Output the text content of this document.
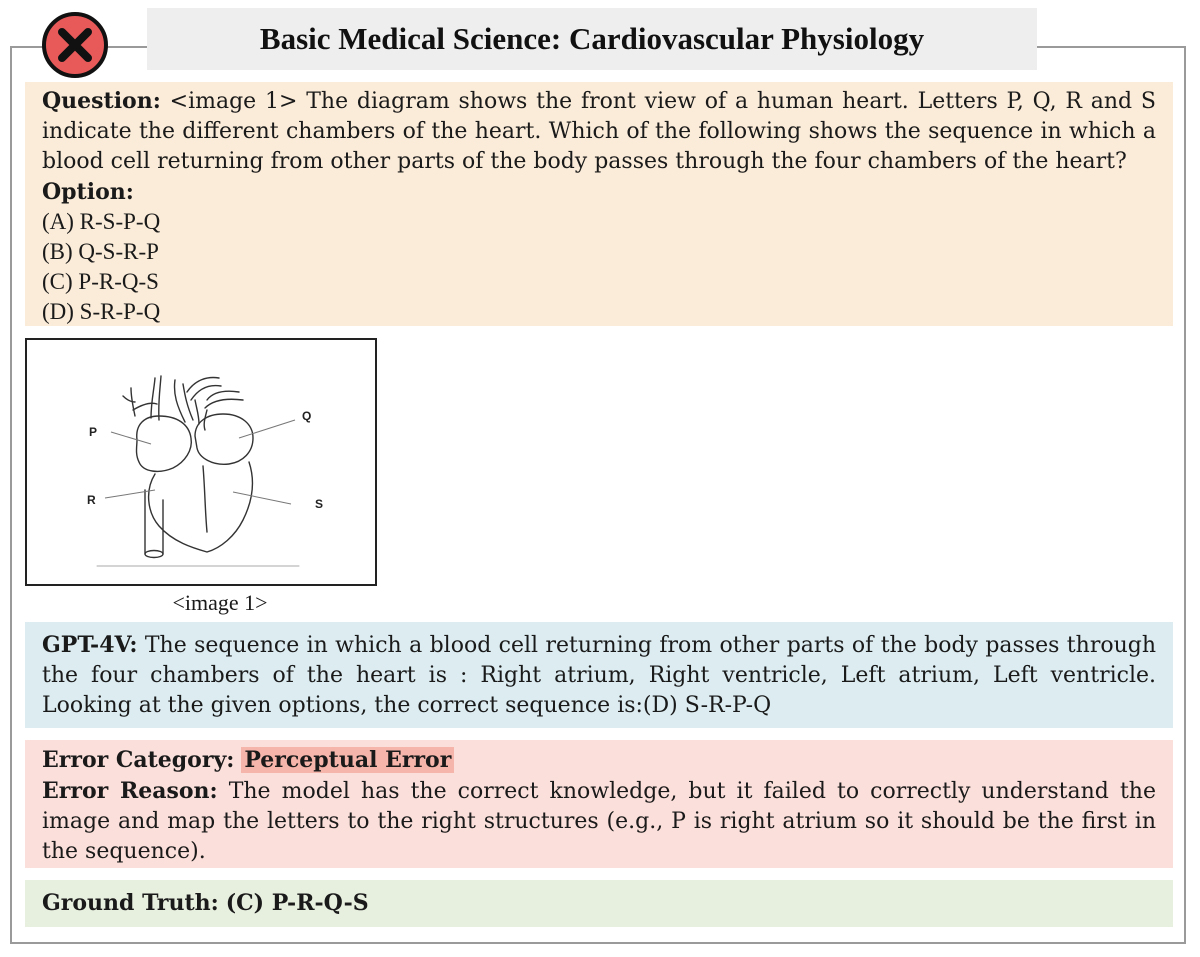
Basic Medical Science: Cardiovascular Physiology
Question: <image 1> The diagram shows the front view of a human heart. Letters P, Q, R and S indicate the different chambers of the heart. Which of the following shows the sequence in which a blood cell returning from other parts of the body passes through the four chambers of the heart?
Option:
(A) R-S-P-Q
(B) Q-S-R-P
(C) P-R-Q-S
(D) S-R-P-Q
P
Q
R	S
<image 1>
GPT-4V: The sequence in which a blood cell returning from other parts of the body passes through the four chambers of the heart is : Right atrium, Right ventricle, Left atrium, Left ventricle. Looking at the given options, the correct sequence is:(D) S-R-P-Q
Error Category: Perceptual Error
Error Reason: The model has the correct knowledge, but it failed to correctly understand the image and map the letters to the right structures (e.g., P is right atrium so it should be the first in the sequence).
Ground Truth: (C) P-R-Q-S
